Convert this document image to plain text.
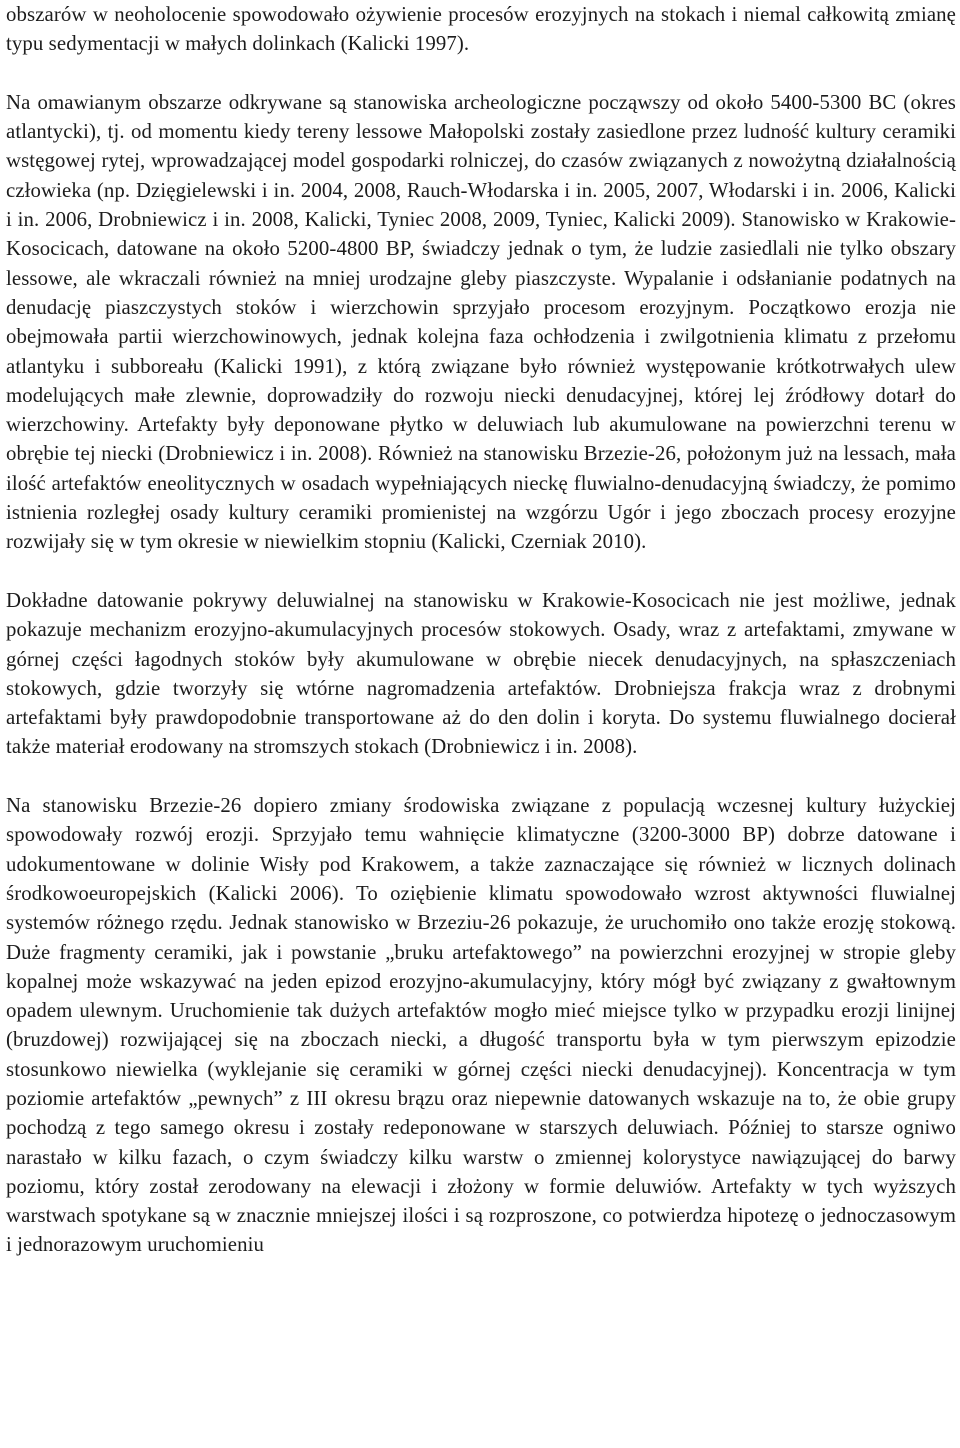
obszarów w neoholocenie spowodowało ożywienie procesów erozyjnych na stokach i niemal całkowitą zmianę typu sedymentacji w małych dolinkach (Kalicki 1997).

Na omawianym obszarze odkrywane są stanowiska archeologiczne począwszy od około 5400-5300 BC (okres atlantycki), tj. od momentu kiedy tereny lessowe Małopolski zostały zasiedlone przez ludność kultury ceramiki wstęgowej rytej, wprowadzającej model gospodarki rolniczej, do czasów związanych z nowożytną działalnością człowieka (np. Dzięgielewski i in. 2004, 2008, Rauch-Włodarska i in. 2005, 2007, Włodarski i in. 2006, Kalicki i in. 2006, Drobniewicz i in. 2008, Kalicki, Tyniec 2008, 2009, Tyniec, Kalicki 2009). Stanowisko w Krakowie-Kosocicach, datowane na około 5200-4800 BP, świadczy jednak o tym, że ludzie zasiedlali nie tylko obszary lessowe, ale wkraczali również na mniej urodzajne gleby piaszczyste. Wypalanie i odsłanianie podatnych na denudację piaszczystych stoków i wierzchowin sprzyjało procesom erozyjnym. Początkowo erozja nie obejmowała partii wierzchowinowych, jednak kolejna faza ochłodzenia i zwilgotnienia klimatu z przełomu atlantyku i subboreału (Kalicki 1991), z którą związane było również występowanie krótkotrwałych ulew modelujących małe zlewnie, doprowadziły do rozwoju niecki denudacyjnej, której lej źródłowy dotarł do wierzchowiny. Artefakty były deponowane płytko w deluwiach lub akumulowane na powierzchni terenu w obrębie tej niecki (Drobniewicz i in. 2008). Również na stanowisku Brzezie-26, położonym już na lessach, mała ilość artefaktów eneolitycznych w osadach wypełniających nieckę fluwialno-denudacyjną świadczy, że pomimo istnienia rozległej osady kultury ceramiki promienistej na wzgórzu Ugór i jego zboczach procesy erozyjne rozwijały się w tym okresie w niewielkim stopniu (Kalicki, Czerniak 2010).

Dokładne datowanie pokrywy deluwialnej na stanowisku w Krakowie-Kosocicach nie jest możliwe, jednak pokazuje mechanizm erozyjno-akumulacyjnych procesów stokowych. Osady, wraz z artefaktami, zmywane w górnej części łagodnych stoków były akumulowane w obrębie niecek denudacyjnych, na spłaszczeniach stokowych, gdzie tworzyły się wtórne nagromadzenia artefaktów. Drobniejsza frakcja wraz z drobnymi artefaktami były prawdopodobnie transportowane aż do den dolin i koryta. Do systemu fluwialnego docierał także materiał erodowany na stromszych stokach (Drobniewicz i in. 2008).

Na stanowisku Brzezie-26 dopiero zmiany środowiska związane z populacją wczesnej kultury łużyckiej spowodowały rozwój erozji. Sprzyjało temu wahnięcie klimatyczne (3200-3000 BP) dobrze datowane i udokumentowane w dolinie Wisły pod Krakowem, a także zaznaczające się również w licznych dolinach środkowoeuropejskich (Kalicki 2006). To oziębienie klimatu spowodowało wzrost aktywności fluwialnej systemów różnego rzędu. Jednak stanowisko w Brzeziu-26 pokazuje, że uruchomiło ono także erozję stokową. Duże fragmenty ceramiki, jak i powstanie „bruku artefaktowego” na powierzchni erozyjnej w stropie gleby kopalnej może wskazywać na jeden epizod erozyjno-akumulacyjny, który mógł być związany z gwałtownym opadem ulewnym. Uruchomienie tak dużych artefaktów mogło mieć miejsce tylko w przypadku erozji linijnej (bruzdowej) rozwijającej się na zboczach niecki, a długość transportu była w tym pierwszym epizodzie stosunkowo niewielka (wyklejanie się ceramiki w górnej części niecki denudacyjnej). Koncentracja w tym poziomie artefaktów „pewnych” z III okresu brązu oraz niepewnie datowanych wskazuje na to, że obie grupy pochodzą z tego samego okresu i zostały redeponowane w starszych deluwiach. Później to starsze ogniwo narastało w kilku fazach, o czym świadczy kilku warstw o zmiennej kolorystyce nawiązującej do barwy poziomu, który został zerodowany na elewacji i złożony w formie deluwiów. Artefakty w tych wyższych warstwach spotykane są w znacznie mniejszej ilości i są rozproszone, co potwierdza hipotezę o jednoczasowym i jednorazowym uruchomieniu
